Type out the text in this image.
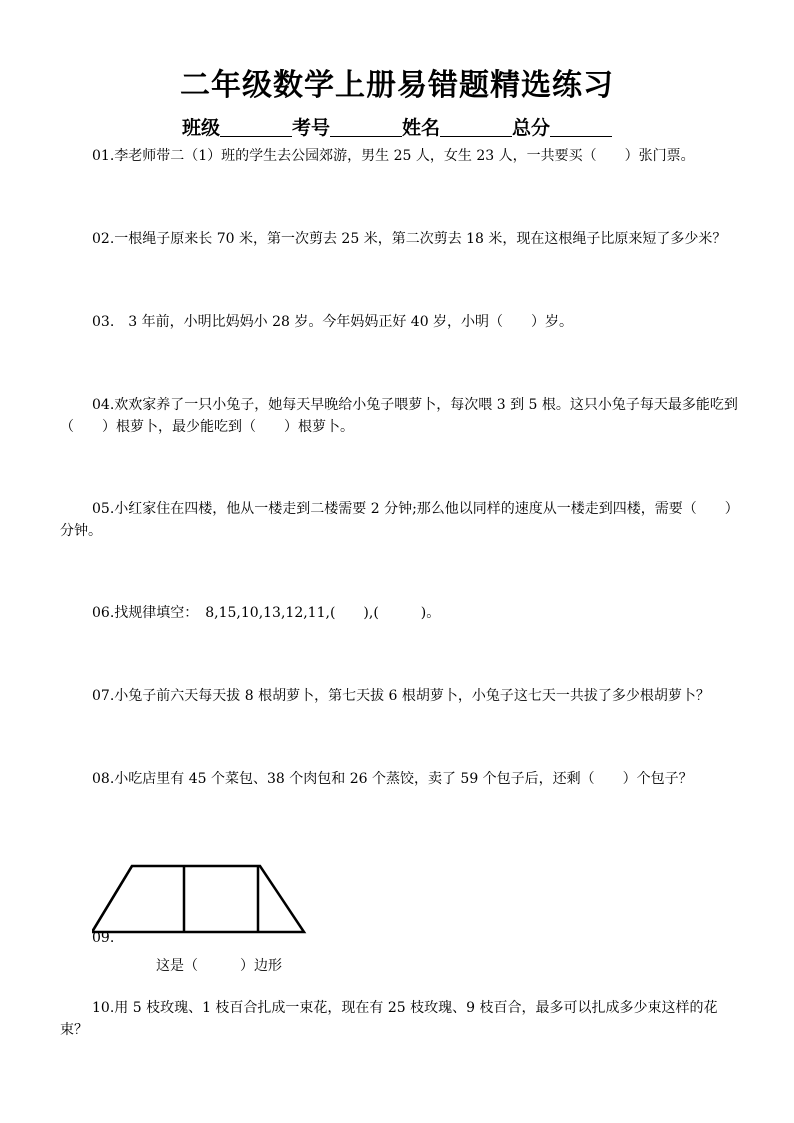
二年级数学上册易错题精选练习
班级	考号	姓名	总分

01.李老师带二（1）班的学生去公园郊游，男生 25 人，女生 23 人，一共要买（　　）张门票。

02.一根绳子原来长 70 米，第一次剪去 25 米，第二次剪去 18 米，现在这根绳子比原来短了多少米？

03.　3 年前，小明比妈妈小 28 岁。今年妈妈正好 40 岁，小明（　　）岁。

04.欢欢家养了一只小兔子，她每天早晚给小兔子喂萝卜，每次喂 3 到 5 根。这只小兔子每天最多能吃到（　　）根萝卜，最少能吃到（　　）根萝卜。

05.小红家住在四楼，他从一楼走到二楼需要 2 分钟;那么他以同样的速度从一楼走到四楼，需要（　　）分钟。

06.找规律填空：　8,15,10,13,12,11,(　　),(　　　)。

07.小兔子前六天每天拔 8 根胡萝卜，第七天拔 6 根胡萝卜，小兔子这七天一共拔了多少根胡萝卜？

08.小吃店里有 45 个菜包、38 个肉包和 26 个蒸饺，卖了 59 个包子后，还剩（　　）个包子？

09.
这是（　　　）边形

10.用 5 枝玫瑰、1 枝百合扎成一束花，现在有 25 枝玫瑰、9 枝百合，最多可以扎成多少束这样的花束？
